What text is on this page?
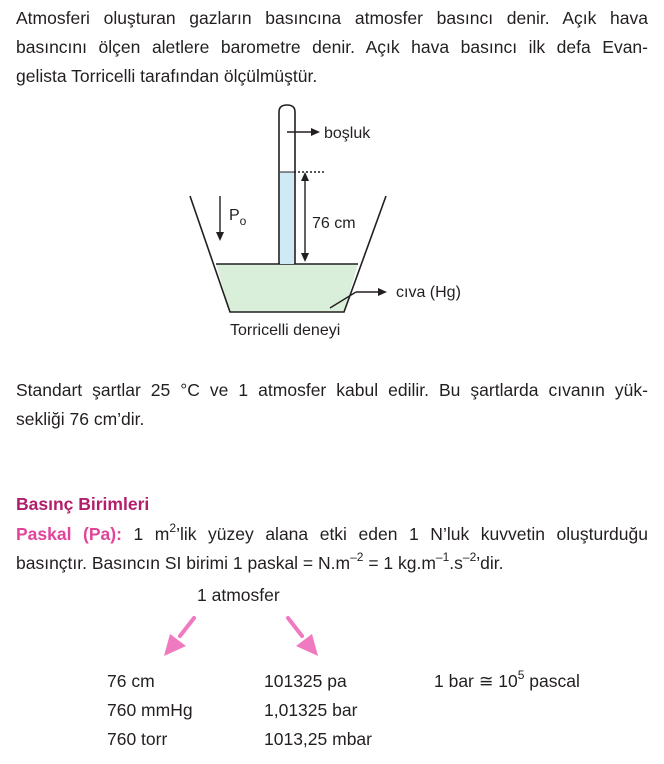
Atmosferi oluşturan gazların basıncına atmosfer basıncı denir. Açık hava
basıncını ölçen aletlere barometre denir. Açık hava basıncı ilk defa Evan-
gelista Torricelli tarafından ölçülmüştür.
boşluk
$P_o$	76 cm
cıva (Hg)
Torricelli deneyi
Standart şartlar 25 °C ve 1 atmosfer kabul edilir. Bu şartlarda cıvanın yük-
sekliği 76 cm’dir.
Basınç Birimleri
Paskal (Pa): 1 $m^2’lik$ yüzey alana etki eden 1 N’luk kuvvetin oluşturduğu
basınçtır. Basıncın SI birimi 1 paskal = $N.m^{-2} = 1$ $kg.m^{-1}.s^{-2}’dir$.
1 atmosfer
76 cm
760 mmHg
760 torr
101325 pa
1,01325 bar
1013,25 mbar
1 bar ≅ $10^5$ pascal
